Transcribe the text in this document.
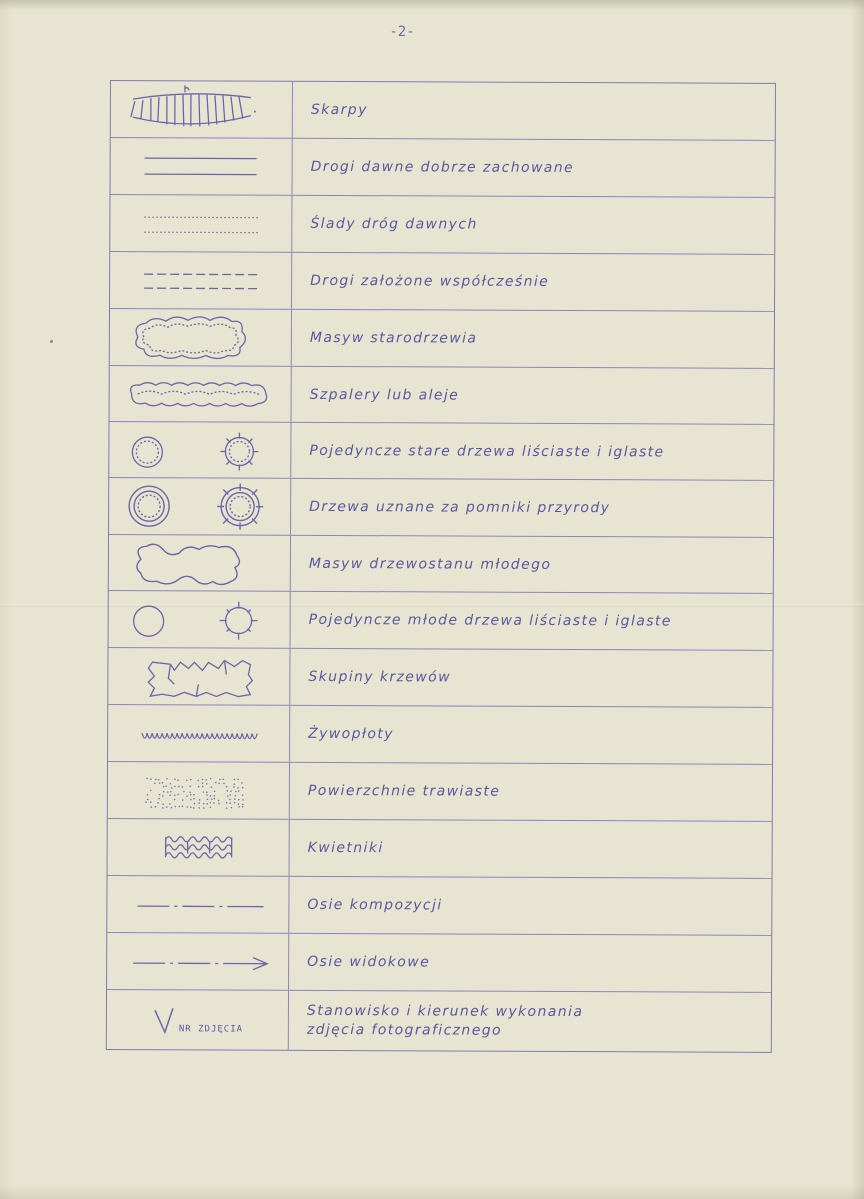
-2-
Skarpy
Drogi dawne dobrze zachowane
Ślady dróg dawnych
Drogi założone współcześnie
Masyw starodrzewia
Szpalery lub aleje
Pojedyncze stare drzewa liściaste i iglaste
Drzewa uznane za pomniki przyrody
Masyw drzewostanu młodego
Pojedyncze młode drzewa liściaste i iglaste
Skupiny krzewów
Żywopłoty
Powierzchnie trawiaste
Kwietniki
Osie kompozycji
Osie widokowe
NR ZDJĘCIA
Stanowisko i kierunek wykonania
zdjęcia fotograficznego
